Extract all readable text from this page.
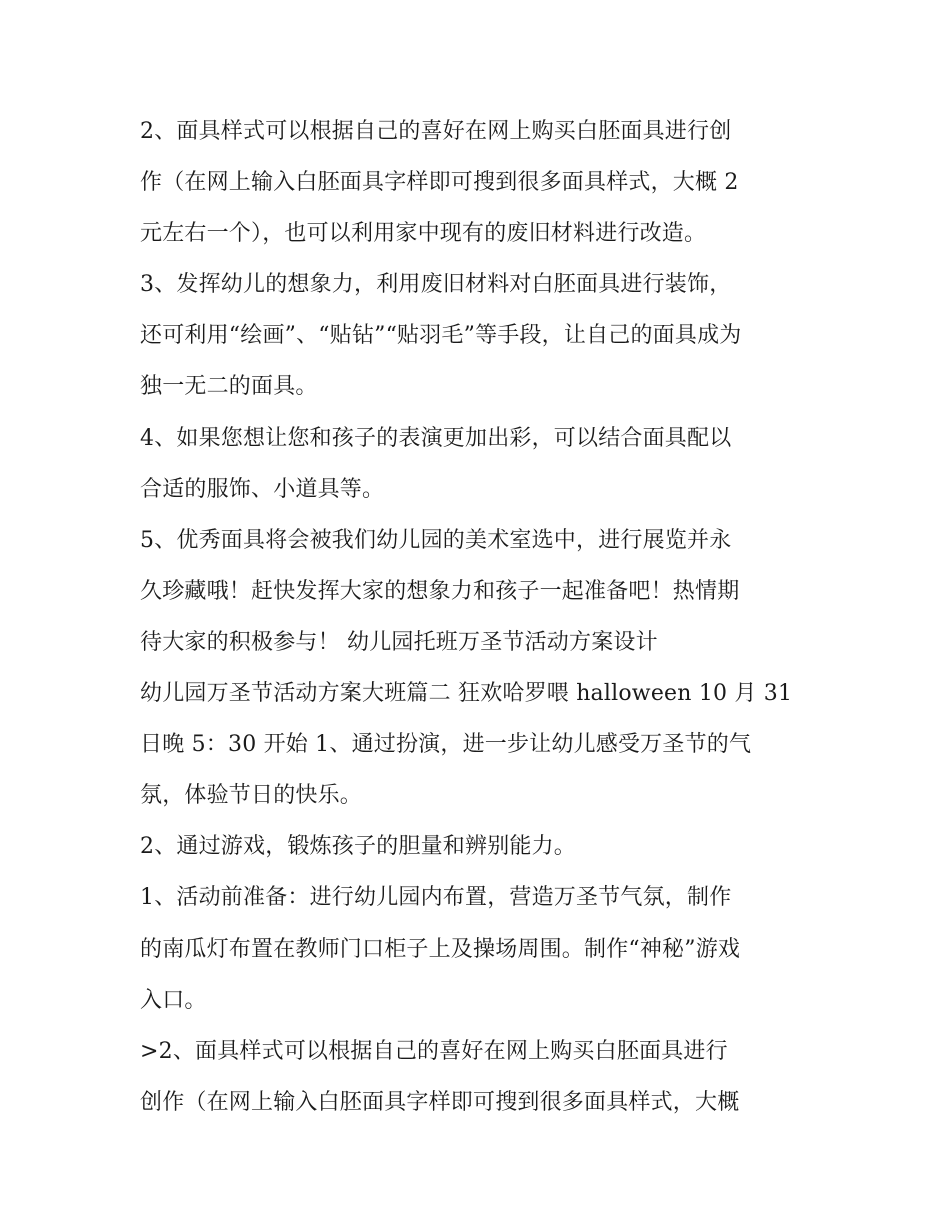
2、面具样式可以根据自己的喜好在网上购买白胚面具进行创
作（在网上输入白胚面具字样即可搜到很多面具样式，大概 2
元左右一个），也可以利用家中现有的废旧材料进行改造。
3、发挥幼儿的想象力，利用废旧材料对白胚面具进行装饰，
还可利用“绘画”、“贴钻”“贴羽毛”等手段，让自己的面具成为
独一无二的面具。
4、如果您想让您和孩子的表演更加出彩，可以结合面具配以
合适的服饰、小道具等。
5、优秀面具将会被我们幼儿园的美术室选中，进行展览并永
久珍藏哦！赶快发挥大家的想象力和孩子一起准备吧！热情期
待大家的积极参与！ 幼儿园托班万圣节活动方案设计
幼儿园万圣节活动方案大班篇二 狂欢哈罗喂 halloween 10 月 31
日晚 5：30 开始 1、通过扮演，进一步让幼儿感受万圣节的气
氛，体验节日的快乐。
2、通过游戏，锻炼孩子的胆量和辨别能力。
1、活动前准备：进行幼儿园内布置，营造万圣节气氛，制作
的南瓜灯布置在教师门口柜子上及操场周围。制作“神秘”游戏
入口。
>2、面具样式可以根据自己的喜好在网上购买白胚面具进行
创作（在网上输入白胚面具字样即可搜到很多面具样式，大概
